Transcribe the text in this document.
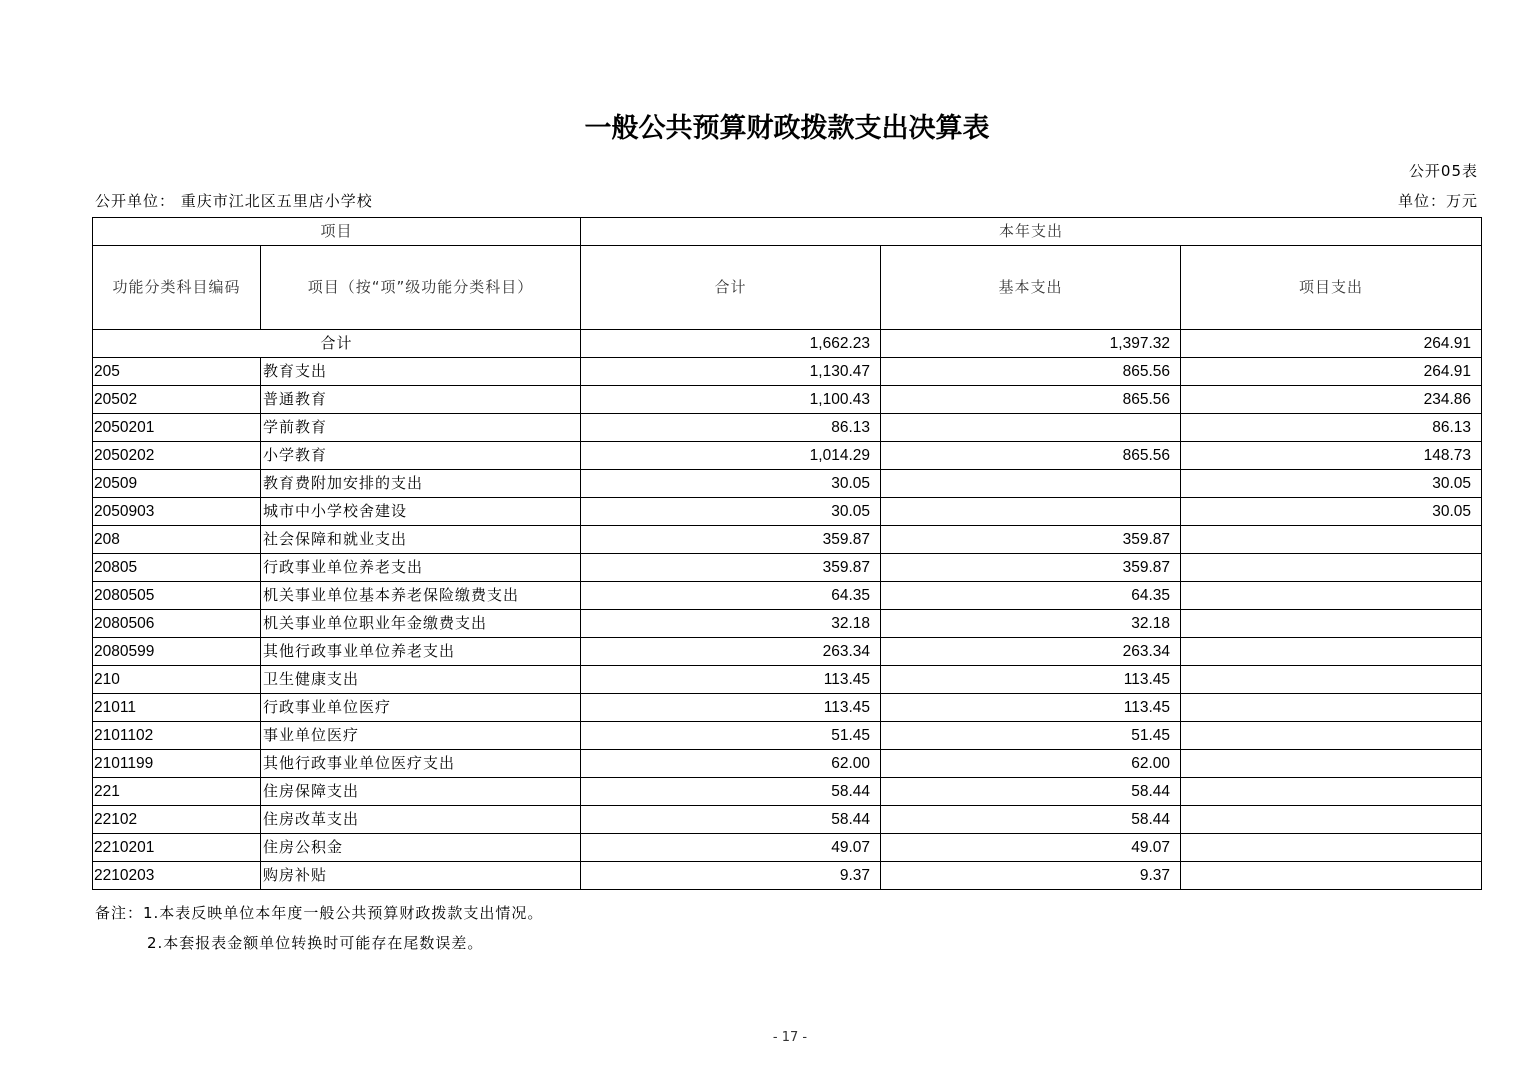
一般公共预算财政拨款支出决算表
公开05表
公开单位： 重庆市江北区五里店小学校	单位：万元
项目		本年支出		
功能分类科目编码	项目（按“项”级功能分类科目）	合计	基本支出	项目支出
合计		1,662.23	1,397.32	264.91
205	教育支出	1,130.47	865.56	264.91
20502	普通教育	1,100.43	865.56	234.86
2050201	学前教育	86.13		86.13
2050202	小学教育	1,014.29	865.56	148.73
20509	教育费附加安排的支出	30.05		30.05
2050903	城市中小学校舍建设	30.05		30.05
208	社会保障和就业支出	359.87	359.87	
20805	行政事业单位养老支出	359.87	359.87	
2080505	机关事业单位基本养老保险缴费支出	64.35	64.35	
2080506	机关事业单位职业年金缴费支出	32.18	32.18	
2080599	其他行政事业单位养老支出	263.34	263.34	
210	卫生健康支出	113.45	113.45	
21011	行政事业单位医疗	113.45	113.45	
2101102	事业单位医疗	51.45	51.45	
2101199	其他行政事业单位医疗支出	62.00	62.00	
221	住房保障支出	58.44	58.44	
22102	住房改革支出	58.44	58.44	
2210201	住房公积金	49.07	49.07	
2210203	购房补贴	9.37	9.37	
备注：1.本表反映单位本年度一般公共预算财政拨款支出情况。
2.本套报表金额单位转换时可能存在尾数误差。
- 17 -
